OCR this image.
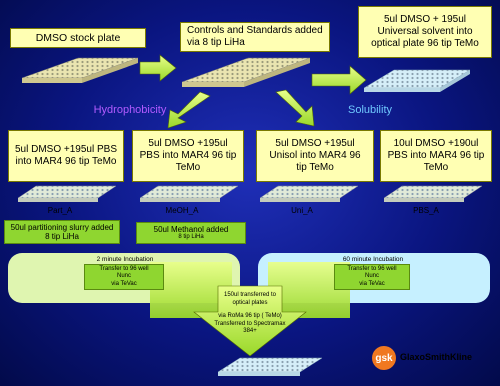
DMSO stock plate
Controls and Standards added via 8 tip LiHa
5ul DMSO + 195ul Universal solvent into optical plate 96 tip TeMo
Hydrophobicity	Solubility
5ul DMSO +195ul PBS into MAR4 96 tip TeMo
5ul DMSO +195ul PBS into MAR4 96 tip TeMo
5ul DMSO +195ul Unisol into MAR4 96 tip TeMo
10ul DMSO +190ul PBS into MAR4 96 tip TeMo
Part_A	MeOH_A	Uni_A	PBS_A
50ul partitioning slurry added
8 tip LiHa
50ul Methanol added
8 tip LiHa
2 minute Incubation
Transfer to 96 well
Nunc
via TeVac
60 minute Incubation
Transfer to 96 well
Nunc
via TeVac
150ul transferred to
optical plates
via RoMa 96 tip ( TeMo)
Transferred to Spectramax
384+
gsk GlaxoSmithKline
